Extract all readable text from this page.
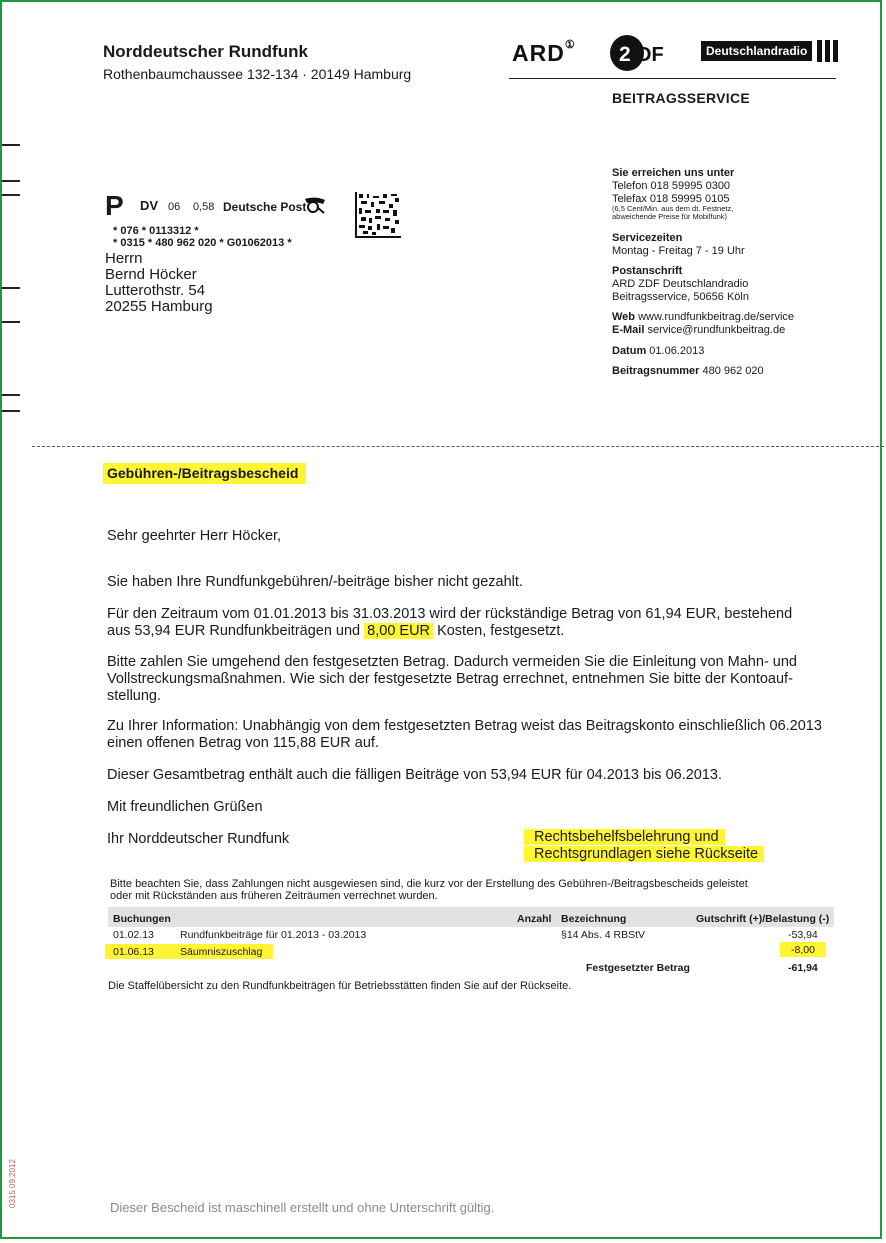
Norddeutscher Rundfunk
Rothenbaumchaussee 132-134 · 20149 Hamburg
ARD① 2 DF	Deutschlandradio
BEITRAGSSERVICE
P DV 06 0,58 Deutsche Post
* 076 * 0113312 *
* 0315 * 480 962 020 * G01062013 *
Herrn
Bernd Höcker
Lutterothstr. 54
20255 Hamburg
Sie erreichen uns unter
Telefon 018 59995 0300
Telefax 018 59995 0105
(6,5 Cent/Min. aus dem dt. Festnetz,
abweichende Preise für Mobilfunk)
Servicezeiten
Montag - Freitag 7 - 19 Uhr
Postanschrift
ARD ZDF Deutschlandradio
Beitragsservice, 50656 Köln
Web www.rundfunkbeitrag.de/service
E-Mail service@rundfunkbeitrag.de
Datum 01.06.2013
Beitragsnummer 480 962 020
Gebühren-/Beitragsbescheid
Sehr geehrter Herr Höcker,
Sie haben Ihre Rundfunkgebühren/-beiträge bisher nicht gezahlt.
Für den Zeitraum vom 01.01.2013 bis 31.03.2013 wird der rückständige Betrag von 61,94 EUR, bestehend
aus 53,94 EUR Rundfunkbeiträgen und 8,00 EUR Kosten, festgesetzt.
Bitte zahlen Sie umgehend den festgesetzten Betrag. Dadurch vermeiden Sie die Einleitung von Mahn- und
Vollstreckungsmaßnahmen. Wie sich der festgesetzte Betrag errechnet, entnehmen Sie bitte der Kontoauf-
stellung.
Zu Ihrer Information: Unabhängig von dem festgesetzten Betrag weist das Beitragskonto einschließlich 06.2013
einen offenen Betrag von 115,88 EUR auf.
Dieser Gesamtbetrag enthält auch die fälligen Beiträge von 53,94 EUR für 04.2013 bis 06.2013.
Mit freundlichen Grüßen
Ihr Norddeutscher Rundfunk	Rechtsbehelfsbelehrung und
Rechtsgrundlagen siehe Rückseite
Bitte beachten Sie, dass Zahlungen nicht ausgewiesen sind, die kurz vor der Erstellung des Gebühren-/Beitragsbescheids geleistet
oder mit Rückständen aus früheren Zeiträumen verrechnet wurden.
Buchungen	Anzahl Bezeichnung	Gutschrift (+)/Belastung (-)
01.02.13 Rundfunkbeiträge für 01.2013 - 03.2013	§14 Abs. 4 RBStV	-53,94
01.06.13 Säumniszuschlag	-8,00
Festgesetzter Betrag	-61,94
Die Staffelübersicht zu den Rundfunkbeiträgen für Betriebsstätten finden Sie auf der Rückseite.
Dieser Bescheid ist maschinell erstellt und ohne Unterschrift gültig.
0315 09.2012
